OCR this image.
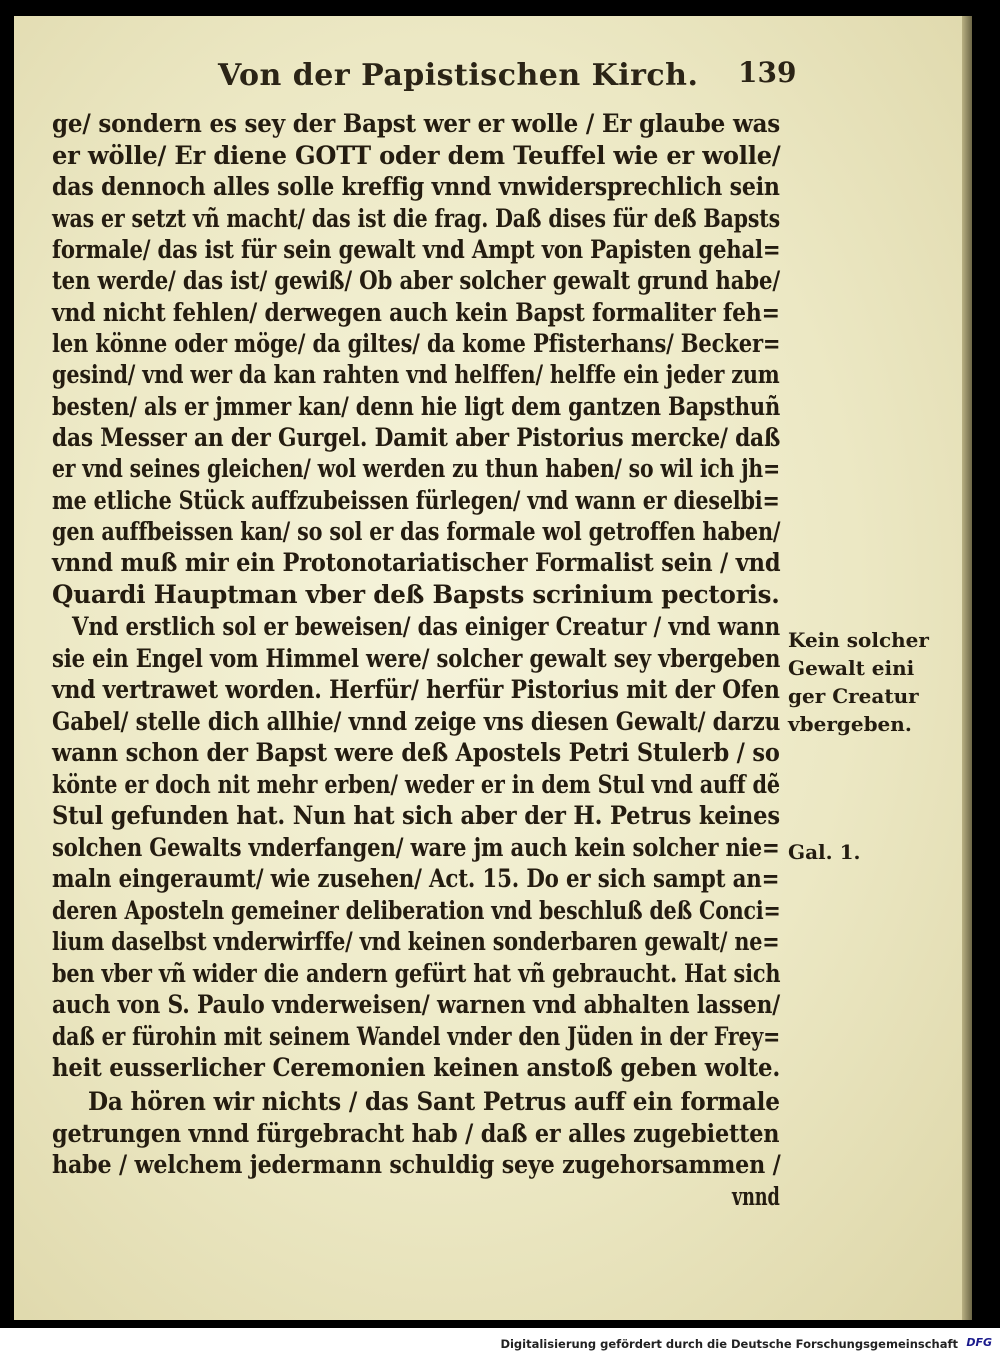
Von der Papistischen Kirch. 139
ge/ sondern es sey der Bapst wer er wolle / Er glaube was
er wölle/ Er diene GOTT oder dem Teuffel wie er wolle/
das dennoch alles solle kreffig vnnd vnwidersprechlich sein
was er setzt vñ macht/ das ist die frag. Daß dises für deß Bapsts
formale/ das ist für sein gewalt vnd Ampt von Papisten gehal=
ten werde/ das ist/ gewiß/ Ob aber solcher gewalt grund habe/
vnd nicht fehlen/ derwegen auch kein Bapst formaliter feh=
len könne oder möge/ da giltes/ da kome Pfisterhans/ Becker=
gesind/ vnd wer da kan rahten vnd helffen/ helffe ein jeder zum
besten/ als er jmmer kan/ denn hie ligt dem gantzen Bapsthuñ
das Messer an der Gurgel. Damit aber Pistorius mercke/ daß
er vnd seines gleichen/ wol werden zu thun haben/ so wil ich jh=
me etliche Stück auffzubeissen fürlegen/ vnd wann er dieselbi=
gen auffbeissen kan/ so sol er das formale wol getroffen haben/
vnnd muß mir ein Protonotariatischer Formalist sein / vnd
Quardi Hauptman vber deß Bapsts scrinium pectoris.
Vnd erstlich sol er beweisen/ das einiger Creatur / vnd wann
sie ein Engel vom Himmel were/ solcher gewalt sey vbergeben
vnd vertrawet worden. Herfür/ herfür Pistorius mit der Ofen
Gabel/ stelle dich allhie/ vnnd zeige vns diesen Gewalt/ darzu
wann schon der Bapst were deß Apostels Petri Stulerb / so
könte er doch nit mehr erben/ weder er in dem Stul vnd auff dẽ
Stul gefunden hat. Nun hat sich aber der H. Petrus keines
solchen Gewalts vnderfangen/ ware jm auch kein solcher nie=
maln eingeraumt/ wie zusehen/ Act. 15. Do er sich sampt an=
deren Aposteln gemeiner deliberation vnd beschluß deß Conci=
lium daselbst vnderwirffe/ vnd keinen sonderbaren gewalt/ ne=
ben vber vñ wider die andern gefürt hat vñ gebraucht. Hat sich
auch von S. Paulo vnderweisen/ warnen vnd abhalten lassen/
daß er fürohin mit seinem Wandel vnder den Jüden in der Frey=
heit eusserlicher Ceremonien keinen anstoß geben wolte.
Da hören wir nichts / das Sant Petrus auff ein formale
getrungen vnnd fürgebracht hab / daß er alles zugebietten
habe / welchem jedermann schuldig seye zugehorsammen /
vnnd
Kein solcher
Gewalt eini
ger Creatur
vbergeben.
Gal. 1.
Digitalisierung gefördert durch die Deutsche Forschungsgemeinschaft DFG
